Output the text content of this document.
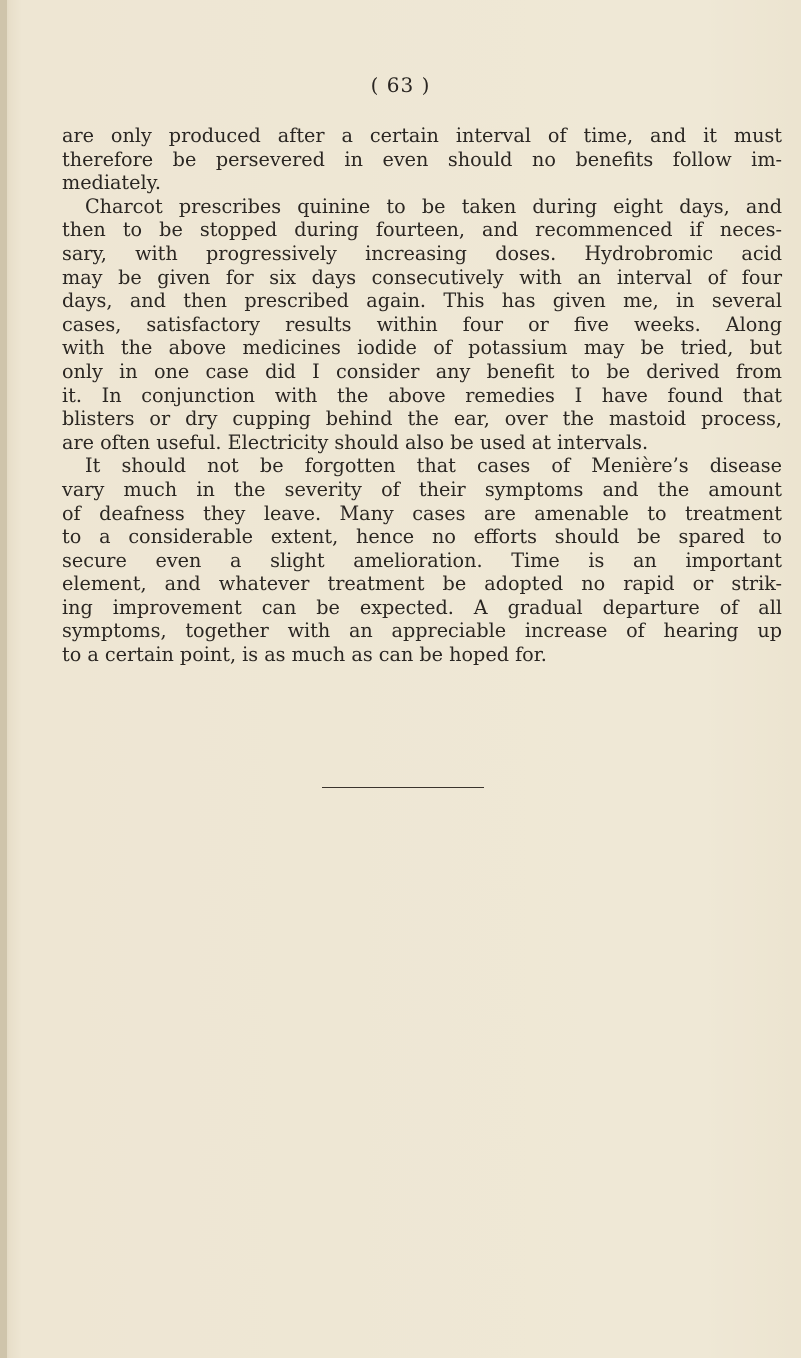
( 63 )
are only produced after a certain interval of time, and it must
therefore be persevered in even should no benefits follow im-
mediately.
Charcot prescribes quinine to be taken during eight days, and
then to be stopped during fourteen, and recommenced if neces-
sary, with progressively increasing doses. Hydrobromic acid
may be given for six days consecutively with an interval of four
days, and then prescribed again. This has given me, in several
cases, satisfactory results within four or five weeks. Along
with the above medicines iodide of potassium may be tried, but
only in one case did I consider any benefit to be derived from
it. In conjunction with the above remedies I have found that
blisters or dry cupping behind the ear, over the mastoid process,
are often useful. Electricity should also be used at intervals.
It should not be forgotten that cases of Menière’s disease
vary much in the severity of their symptoms and the amount
of deafness they leave. Many cases are amenable to treatment
to a considerable extent, hence no efforts should be spared to
secure even a slight amelioration. Time is an important
element, and whatever treatment be adopted no rapid or strik-
ing improvement can be expected. A gradual departure of all
symptoms, together with an appreciable increase of hearing up
to a certain point, is as much as can be hoped for.
